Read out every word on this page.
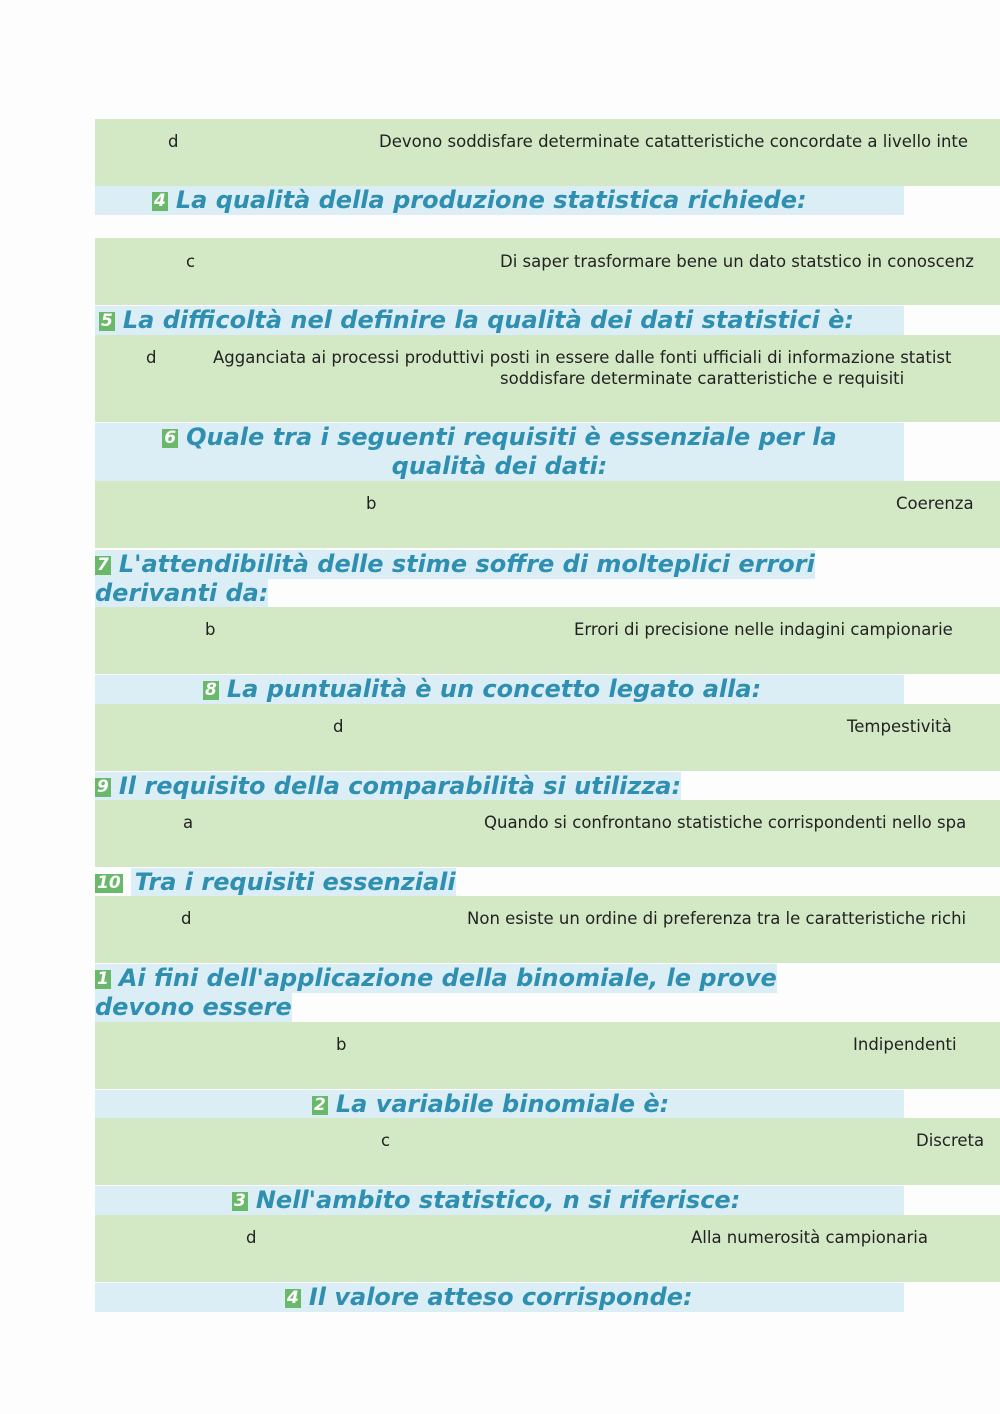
d	Devono soddisfare determinate catatteristiche concordate a livello inte
4 La qualità della produzione statistica richiede:
c	Di saper trasformare bene un dato statstico in conoscenz
5 La difficoltà nel definire la qualità dei dati statistici è:
d	Agganciata ai processi produttivi posti in essere dalle fonti ufficiali di informazione statist
soddisfare determinate caratteristiche e requisiti
6 Quale tra i seguenti requisiti è essenziale per la
qualità dei dati:
b	Coerenza
7 L'attendibilità delle stime soffre di molteplici errori
derivanti da:
b	Errori di precisione nelle indagini campionarie
8 La puntualità è un concetto legato alla:
d	Tempestività
9 Il requisito della comparabilità si utilizza:
a	Quando si confrontano statistiche corrispondenti nello spa
10 Tra i requisiti essenziali
d	Non esiste un ordine di preferenza tra le caratteristiche richi
1 Ai fini dell'applicazione della binomiale, le prove
devono essere
b	Indipendenti
2 La variabile binomiale è:
c	Discreta
3 Nell'ambito statistico, n si riferisce:
d	Alla numerosità campionaria
4 Il valore atteso corrisponde:
